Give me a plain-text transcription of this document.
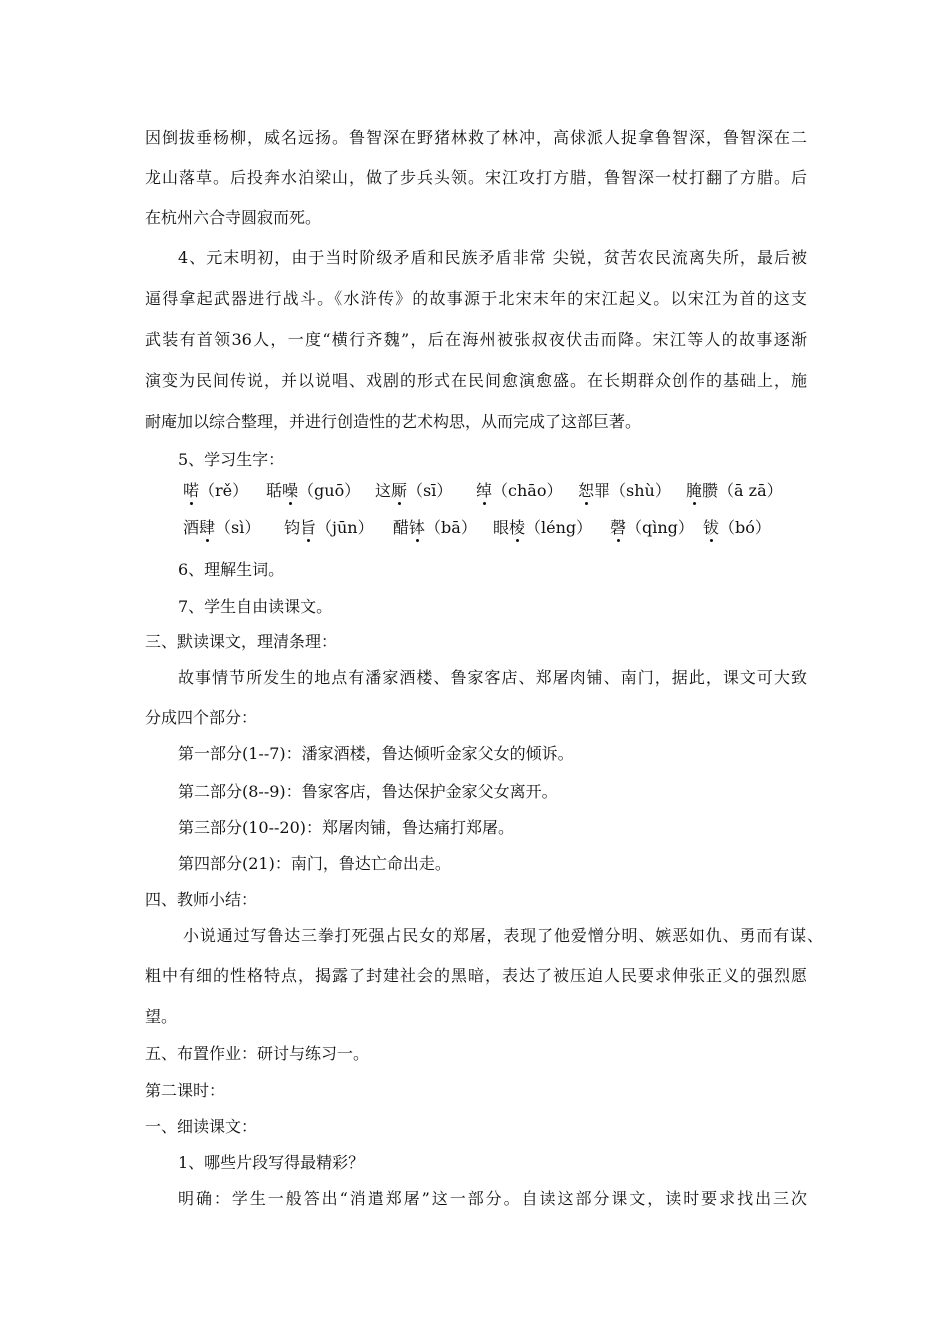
因倒拔垂杨柳，威名远扬。鲁智深在野猪林救了林冲，高俅派人捉拿鲁智深，鲁智深在二
龙山落草。后投奔水泊梁山，做了步兵头领。宋江攻打方腊，鲁智深一杖打翻了方腊。后
在杭州六合寺圆寂而死。
4、元末明初，由于当时阶级矛盾和民族矛盾非常 尖锐，贫苦农民流离失所，最后被
逼得拿起武器进行战斗。《水浒传》的故事源于北宋末年的宋江起义。以宋江为首的这支
武装有首领36人，一度“横行齐魏”，后在海州被张叔夜伏击而降。宋江等人的故事逐渐
演变为民间传说，并以说唱、戏剧的形式在民间愈演愈盛。在长期群众创作的基础上，施
耐庵加以综合整理，并进行创造性的艺术构思，从而完成了这部巨著。
5、学习生字：
喏（rě） 聒噪（guō） 这厮（sī） 绰（chāo） 恕罪（shù） 腌臜（ā zā）
酒肆（sì） 钧旨（jūn） 醋钵（bā） 眼棱（léng） 磬（qìng） 钹（bó）
6、理解生词。
7、学生自由读课文。
三、默读课文，理清条理：
故事情节所发生的地点有潘家酒楼、鲁家客店、郑屠肉铺、南门，据此，课文可大致
分成四个部分：
第一部分(1--7)：潘家酒楼，鲁达倾听金家父女的倾诉。
第二部分(8--9)：鲁家客店，鲁达保护金家父女离开。
第三部分(10--20)：郑屠肉铺，鲁达痛打郑屠。
第四部分(21)：南门，鲁达亡命出走。
四、教师小结：
小说通过写鲁达三拳打死强占民女的郑屠，表现了他爱憎分明、嫉恶如仇、勇而有谋、
粗中有细的性格特点，揭露了封建社会的黑暗，表达了被压迫人民要求伸张正义的强烈愿
望。
五、布置作业：研讨与练习一。
第二课时：
一、细读课文：
1、哪些片段写得最精彩？
明确：学生一般答出“消遣郑屠”这一部分。自读这部分课文，读时要求找出三次
